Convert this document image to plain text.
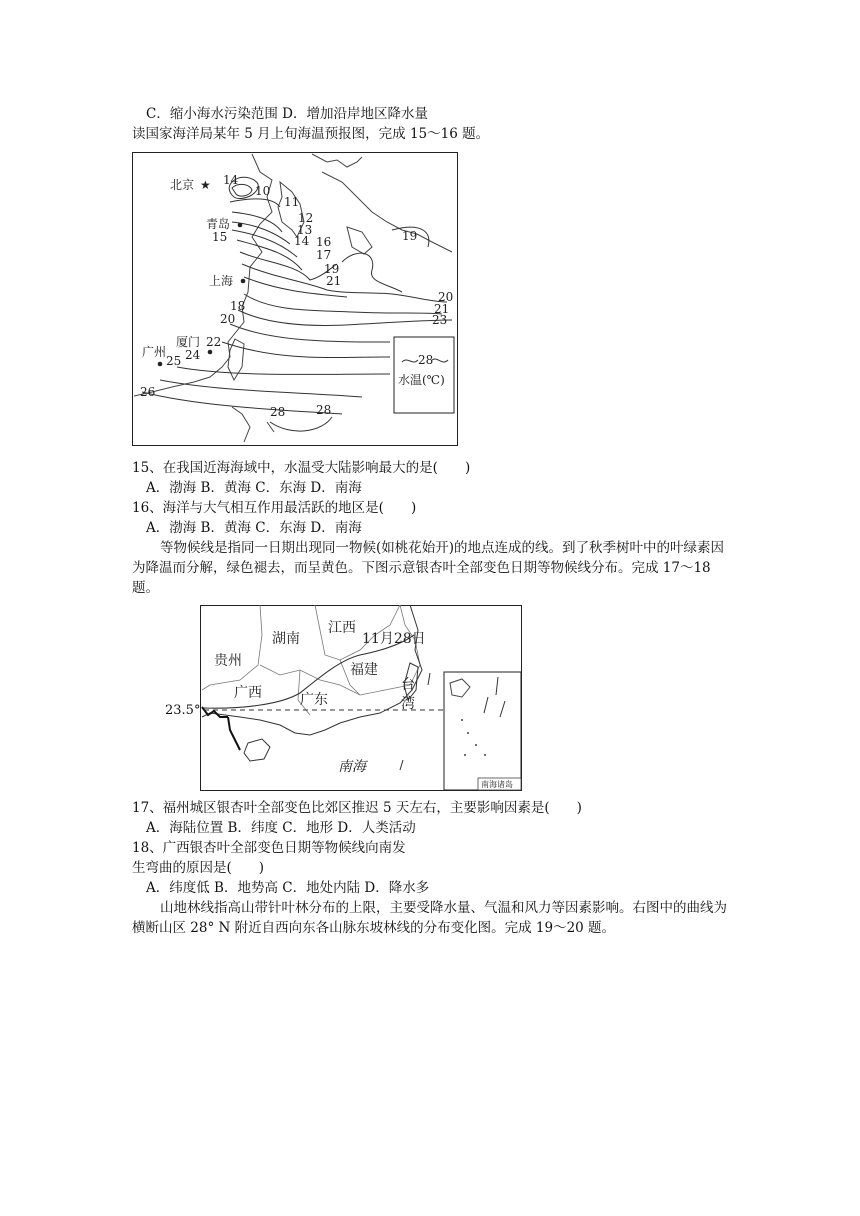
C．缩小海水污染范围 D．增加沿岸地区降水量
读国家海洋局某年 5 月上旬海温预报图，完成 15～16 题。
28
水温(℃)
北京 ★
青岛
上海
厦门
广州
14
10
11
12
13
14
15	16
17
19
21
19
18
20
22
24
25
26
28	28
20
21
23
15、在我国近海海域中，水温受大陆影响最大的是(　　)
A．渤海 B．黄海 C．东海 D．南海
16、海洋与大气相互作用最活跃的地区是(　　)
A．渤海 B．黄海 C．东海 D．南海
等物候线是指同一日期出现同一物候(如桃花始开)的地点连成的线。到了秋季树叶中的叶绿素因为降温而分解，绿色褪去，而呈黄色。下图示意银杏叶全部变色日期等物候线分布。完成 17～18 题。
南海诸岛
湖南
江西
11月28日
贵州
福建
广西	广东
台
湾
南海
23.5°
17、福州城区银杏叶全部变色比郊区推迟 5 天左右，主要影响因素是(　　)
A．海陆位置 B．纬度 C．地形 D．人类活动
18、广西银杏叶全部变色日期等物候线向南发
生弯曲的原因是(　　)
A．纬度低 B．地势高 C．地处内陆 D．降水多
山地林线指高山带针叶林分布的上限，主要受降水量、气温和风力等因素影响。右图中的曲线为横断山区 28° N 附近自西向东各山脉东坡林线的分布变化图。完成 19～20 题。
